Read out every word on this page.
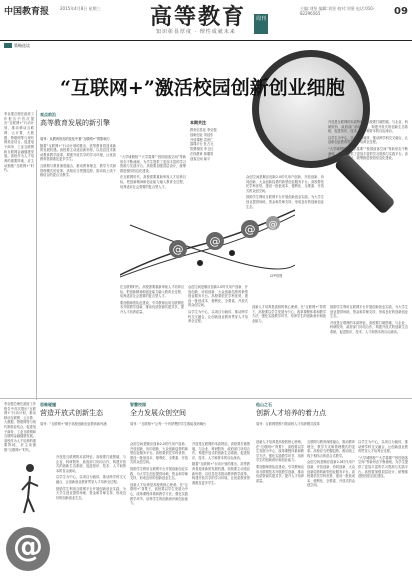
中国教育报	2015年4月8日 星期三 高等教育	周刊
知识彰显厚度 · 理性成就未来
主编:刘坚 编辑:刘坚 校对:刘坚 电话:010-82296565	09
策略选谈
“互联网+”激活校园创新创业细胞
李克强总理在政府工作报告中首次提出“互联网+”行动计划，推动移动互联网、云计算、大数据、物联网等与现代制造业结合，促进电子商务、工业互联网和互联网金融健康发展。高校作为人才培养的重要阵地，应主动拥抱“互联网+”时代。
观点前沿
高等教育发展的新引擎
周刊：从教育形态的变化中看“互联网+”的影响力
随着“互联网+”行动计划的推出，高等教育将迎来新的发展机遇。高校要主动适应新形势，以信息技术推动教育教学改革，构建开放共享的学习环境，让优质教育资源惠及更多学生。
互联网与教育深度融合，推动教育理念、教学方式和管理模式的变革。高校应当把握趋势，推动线上线下相结合的混合式教学。
“大学城网校”“大学慕课”“校园创客空间”等新形态不断涌现，为学生提供了更加丰富的学习资源与实践平台。高校要加强顶层设计，统筹推进校园信息化建设。
在互联网时代，高校需要重新审视人才培养目标，把创新精神和创业能力融入教育全过程，培养适应社会需要的复合型人才。
本期关注
教育信息化 李克强
创新创业 刘延东
开放课程 袁贵仁
慕课平台 杜占元
智慧校园 李卫红
在线教育 林蕙青
创客空间 郝平
@
@
@ @
CFP供图
众创空间是顺应创新2.0时代用户创新、开放创新、协同创新、大众创新趋势的新型创业服务平台。高校要依托学科优势，建设一批低成本、便利化、全要素、开放式的众创空间。
鼓励学生利用互联网平台开展创新创业实践，为大学生创业提供场地、资金和导师支持，形成良好的创新创业生态。
开放是互联网的本质特征。高校要打破围墙，与企业、科研院所、政府部门协同合作，构建开放式的创新生态系统，促进知识、技术、人才和资本的自由流动。
以学生为中心，以项目为载体，推动跨学科交叉融合，让创新创业教育贯穿人才培养全过程。
“大学城网校”“大学慕课”“校园创客空间”等新形态不断涌现，为学生提供了更加丰富的学习资源与实践平台。高校要加强顶层设计，统筹推进校园信息化建设。
在互联网时代，高校需要重新审视人才培养目标，把创新精神和创业能力融入教育全过程，培养适应社会需要的复合型人才。
要加强师资队伍建设，引导教师运用互联网技术开展教学创新，推动优质资源共建共享，提升人才培养质量。
众创空间是顺应创新2.0时代用户创新、开放创新、协同创新、大众创新趋势的新型创业服务平台。高校要依托学科优势，建设一批低成本、便利化、全要素、开放式的众创空间。
以学生为中心，以项目为载体，推动跨学科交叉融合，让创新创业教育贯穿人才培养全过程。
创新人才培养是高校的核心使命。在“互联网+”背景下，高校要以学生发展为中心，改革课程体系和教学方法，强化实践教学环节，培养学生的创新意识和创业能力。
鼓励学生利用互联网平台开展创新创业实践，为大学生创业提供场地、资金和导师支持，形成良好的创新创业生态。
开放是互联网的本质特征。高校要打破围墙，与企业、科研院所、政府部门协同合作，构建开放式的创新生态系统，促进知识、技术、人才和资本的自由流动。
智慧校园
全力发展众创空间
周刊：“互联网+”让每一个有梦想的学生都能找到舞台
众创空间是顺应创新2.0时代用户创新、开放创新、协同创新、大众创新趋势的新型创业服务平台。高校要依托学科优势，建设一批低成本、便利化、全要素、开放式的众创空间。
鼓励学生利用互联网平台开展创新创业实践，为大学生创业提供场地、资金和导师支持，形成良好的创新创业生态。
创新人才培养是高校的核心使命。在“互联网+”背景下，高校要以学生发展为中心，改革课程体系和教学方法，强化实践教学环节，培养学生的创新意识和创业能力。
开放是互联网的本质特征。高校要打破围墙，与企业、科研院所、政府部门协同合作，构建开放式的创新生态系统，促进知识、技术、人才和资本的自由流动。
随着“互联网+”行动计划的推出，高等教育将迎来新的发展机遇。高校要主动适应新形势，以信息技术推动教育教学改革，构建开放共享的学习环境，让优质教育资源惠及更多学生。
他山之石
创新人才培养的着力点
周刊：互联网思维引领高校人才培养模式改革
创新人才培养是高校的核心使命。在“互联网+”背景下，高校要以学生发展为中心，改革课程体系和教学方法，强化实践教学环节，培养学生的创新意识和创业能力。
要加强师资队伍建设，引导教师运用互联网技术开展教学创新，推动优质资源共建共享，提升人才培养质量。
互联网与教育深度融合，推动教育理念、教学方式和管理模式的变革。高校应当把握趋势，推动线上线下相结合的混合式教学。
众创空间是顺应创新2.0时代用户创新、开放创新、协同创新、大众创新趋势的新型创业服务平台。高校要依托学科优势，建设一批低成本、便利化、全要素、开放式的众创空间。
以学生为中心，以项目为载体，推动跨学科交叉融合，让创新创业教育贯穿人才培养全过程。
“大学城网校”“大学慕课”“校园创客空间”等新形态不断涌现，为学生提供了更加丰富的学习资源与实践平台。高校要加强顶层设计，统筹推进校园信息化建设。
思维碰撞
营造开放式创新生态
周刊：“互联网+”赋予高校创新创业教育新内涵
李克强总理在政府工作报告中首次提出“互联网+”行动计划，推动移动互联网、云计算、大数据、物联网等与现代制造业结合，促进电子商务、工业互联网和互联网金融健康发展。高校作为人才培养的重要阵地，应主动拥抱“互联网+”时代。
开放是互联网的本质特征。高校要打破围墙，与企业、科研院所、政府部门协同合作，构建开放式的创新生态系统，促进知识、技术、人才和资本的自由流动。
以学生为中心，以项目为载体，推动跨学科交叉融合，让创新创业教育贯穿人才培养全过程。
鼓励学生利用互联网平台开展创新创业实践，为大学生创业提供场地、资金和导师支持，形成良好的创新创业生态。
@
